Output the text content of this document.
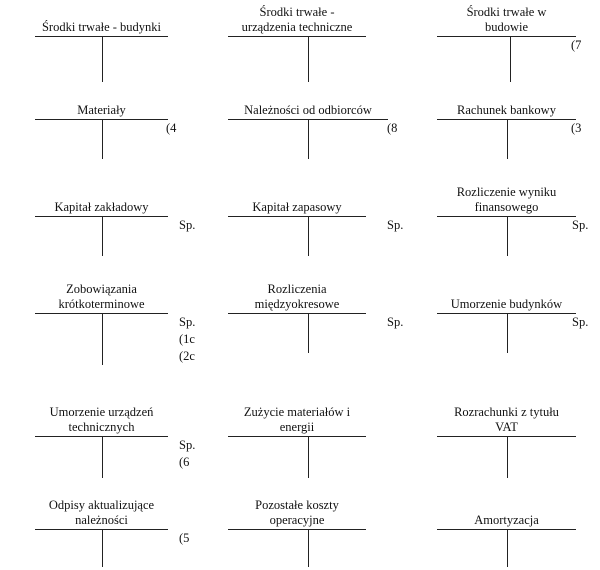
Środki trwałe - budynki
Środki trwałe -
urządzenia techniczne
Środki trwałe w
budowie
(7
Materiały
(4
Należności od odbiorców
(8
Rachunek bankowy
(3
Kapitał zakładowy
Sp.
Kapitał zapasowy
Sp.
Rozliczenie wyniku
finansowego
Sp.
Zobowiązania
krótkoterminowe
Sp.
(1c
(2c
Rozliczenia
międzyokresowe
Sp.
Umorzenie budynków
Sp.
Umorzenie urządzeń
technicznych
Sp.
(6
Zużycie materiałów i
energii
Rozrachunki z tytułu
VAT
Odpisy aktualizujące
należności
(5
Pozostałe koszty
operacyjne	Amortyzacja
